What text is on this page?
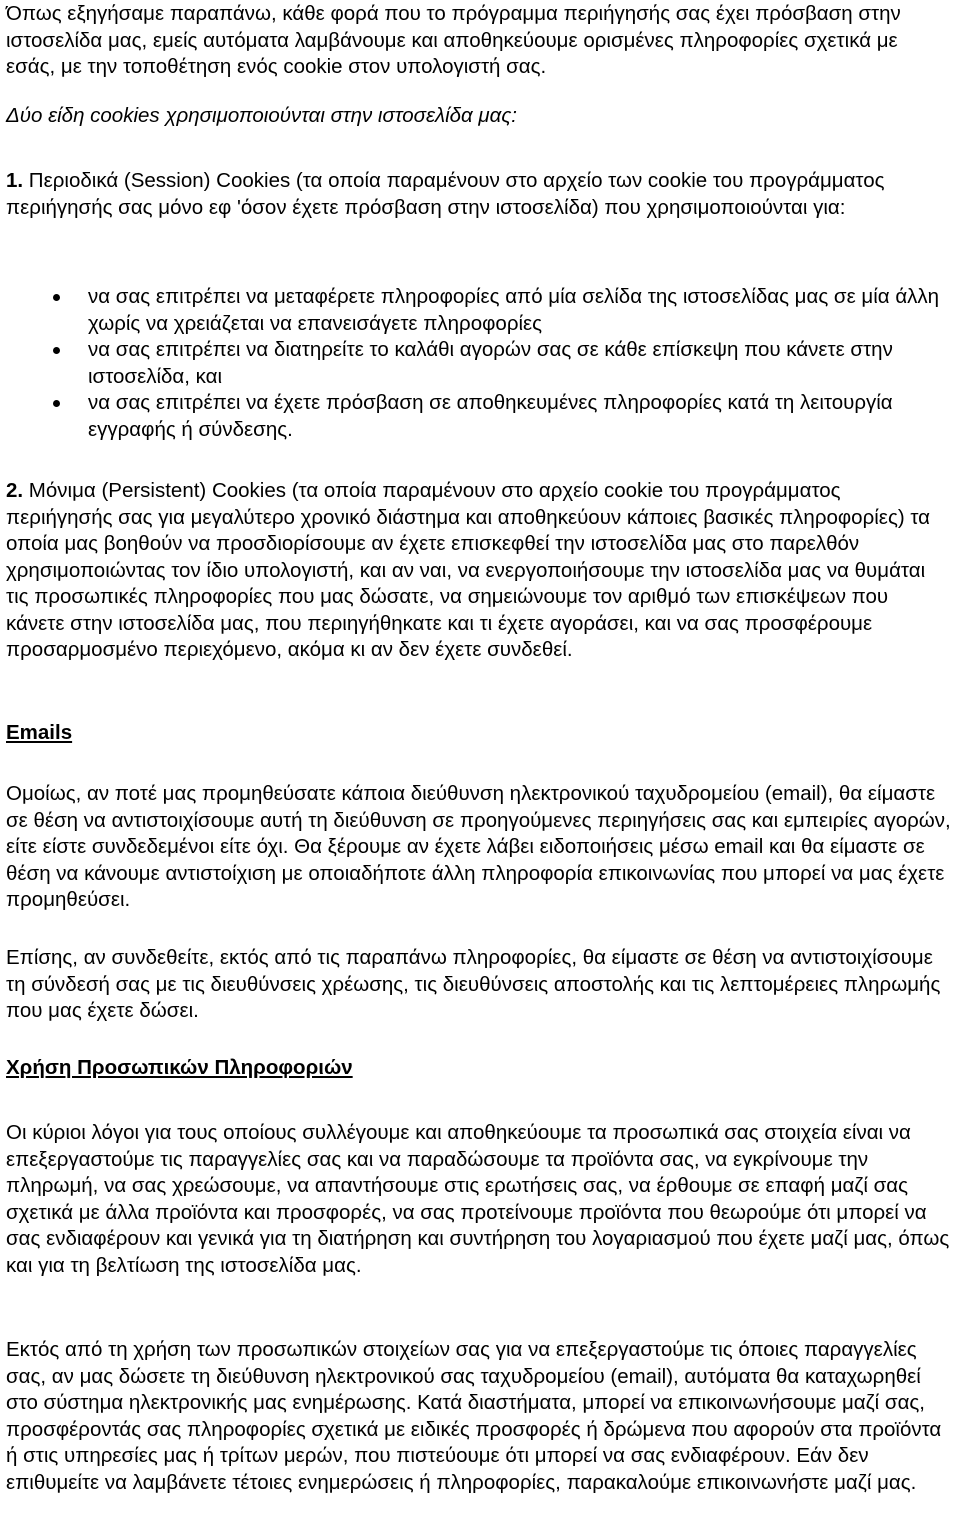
Όπως εξηγήσαμε παραπάνω, κάθε φορά που το πρόγραμμα περιήγησής σας έχει πρόσβαση στην ιστοσελίδα μας, εμείς αυτόματα λαμβάνουμε και αποθηκεύουμε ορισμένες πληροφορίες σχετικά με εσάς, με την τοποθέτηση ενός cookie στον υπολογιστή σας.

Δύο είδη cookies χρησιμοποιούνται στην ιστοσελίδα μας:

1. Περιοδικά (Session) Cookies (τα οποία παραμένουν στο αρχείο των cookie του προγράμματος περιήγησής σας μόνο εφ 'όσον έχετε πρόσβαση στην ιστοσελίδα) που χρησιμοποιούνται για:

να σας επιτρέπει να μεταφέρετε πληροφορίες από μία σελίδα της ιστοσελίδας μας σε μία άλλη χωρίς να χρειάζεται να επανεισάγετε πληροφορίες
να σας επιτρέπει να διατηρείτε το καλάθι αγορών σας σε κάθε επίσκεψη που κάνετε στην ιστοσελίδα, και
να σας επιτρέπει να έχετε πρόσβαση σε αποθηκευμένες πληροφορίες κατά τη λειτουργία εγγραφής ή σύνδεσης.

2. Μόνιμα (Persistent) Cookies (τα οποία παραμένουν στο αρχείο cookie του προγράμματος περιήγησής σας για μεγαλύτερο χρονικό διάστημα και αποθηκεύουν κάποιες βασικές πληροφορίες) τα οποία μας βοηθούν να προσδιορίσουμε αν έχετε επισκεφθεί την ιστοσελίδα μας στο παρελθόν χρησιμοποιώντας τον ίδιο υπολογιστή, και αν ναι, να ενεργοποιήσουμε την ιστοσελίδα μας να θυμάται τις προσωπικές πληροφορίες που μας δώσατε, να σημειώνουμε τον αριθμό των επισκέψεων που κάνετε στην ιστοσελίδα μας, που περιηγήθηκατε και τι έχετε αγοράσει, και να σας προσφέρουμε προσαρμοσμένο περιεχόμενο, ακόμα κι αν δεν έχετε συνδεθεί.

Emails

Ομοίως, αν ποτέ μας προμηθεύσατε κάποια διεύθυνση ηλεκτρονικού ταχυδρομείου (email), θα είμαστε σε θέση να αντιστοιχίσουμε αυτή τη διεύθυνση σε προηγούμενες περιηγήσεις σας και εμπειρίες αγορών, είτε είστε συνδεδεμένοι είτε όχι. Θα ξέρουμε αν έχετε λάβει ειδοποιήσεις μέσω email και θα είμαστε σε θέση να κάνουμε αντιστοίχιση με οποιαδήποτε άλλη πληροφορία επικοινωνίας που μπορεί να μας έχετε προμηθεύσει.

Επίσης, αν συνδεθείτε, εκτός από τις παραπάνω πληροφορίες, θα είμαστε σε θέση να αντιστοιχίσουμε τη σύνδεσή σας με τις διευθύνσεις χρέωσης, τις διευθύνσεις αποστολής και τις λεπτομέρειες πληρωμής που μας έχετε δώσει.

Χρήση Προσωπικών Πληροφοριών

Οι κύριοι λόγοι για τους οποίους συλλέγουμε και αποθηκεύουμε τα προσωπικά σας στοιχεία είναι να επεξεργαστούμε τις παραγγελίες σας και να παραδώσουμε τα προϊόντα σας, να εγκρίνουμε την πληρωμή, να σας χρεώσουμε, να απαντήσουμε στις ερωτήσεις σας, να έρθουμε σε επαφή μαζί σας σχετικά με άλλα προϊόντα και προσφορές, να σας προτείνουμε προϊόντα που θεωρούμε ότι μπορεί να σας ενδιαφέρουν και γενικά για τη διατήρηση και συντήρηση του λογαριασμού που έχετε μαζί μας, όπως και για τη βελτίωση της ιστοσελίδα μας.

Εκτός από τη χρήση των προσωπικών στοιχείων σας για να επεξεργαστούμε τις όποιες παραγγελίες σας, αν μας δώσετε τη διεύθυνση ηλεκτρονικού σας ταχυδρομείου (email), αυτόματα θα καταχωρηθεί στο σύστημα ηλεκτρονικής μας ενημέρωσης. Κατά διαστήματα, μπορεί να επικοινωνήσουμε μαζί σας, προσφέροντάς σας πληροφορίες σχετικά με ειδικές προσφορές ή δρώμενα που αφορούν στα προϊόντα ή στις υπηρεσίες μας ή τρίτων μερών, που πιστεύουμε ότι μπορεί να σας ενδιαφέρουν. Εάν δεν επιθυμείτε να λαμβάνετε τέτοιες ενημερώσεις ή πληροφορίες, παρακαλούμε επικοινωνήστε μαζί μας.
